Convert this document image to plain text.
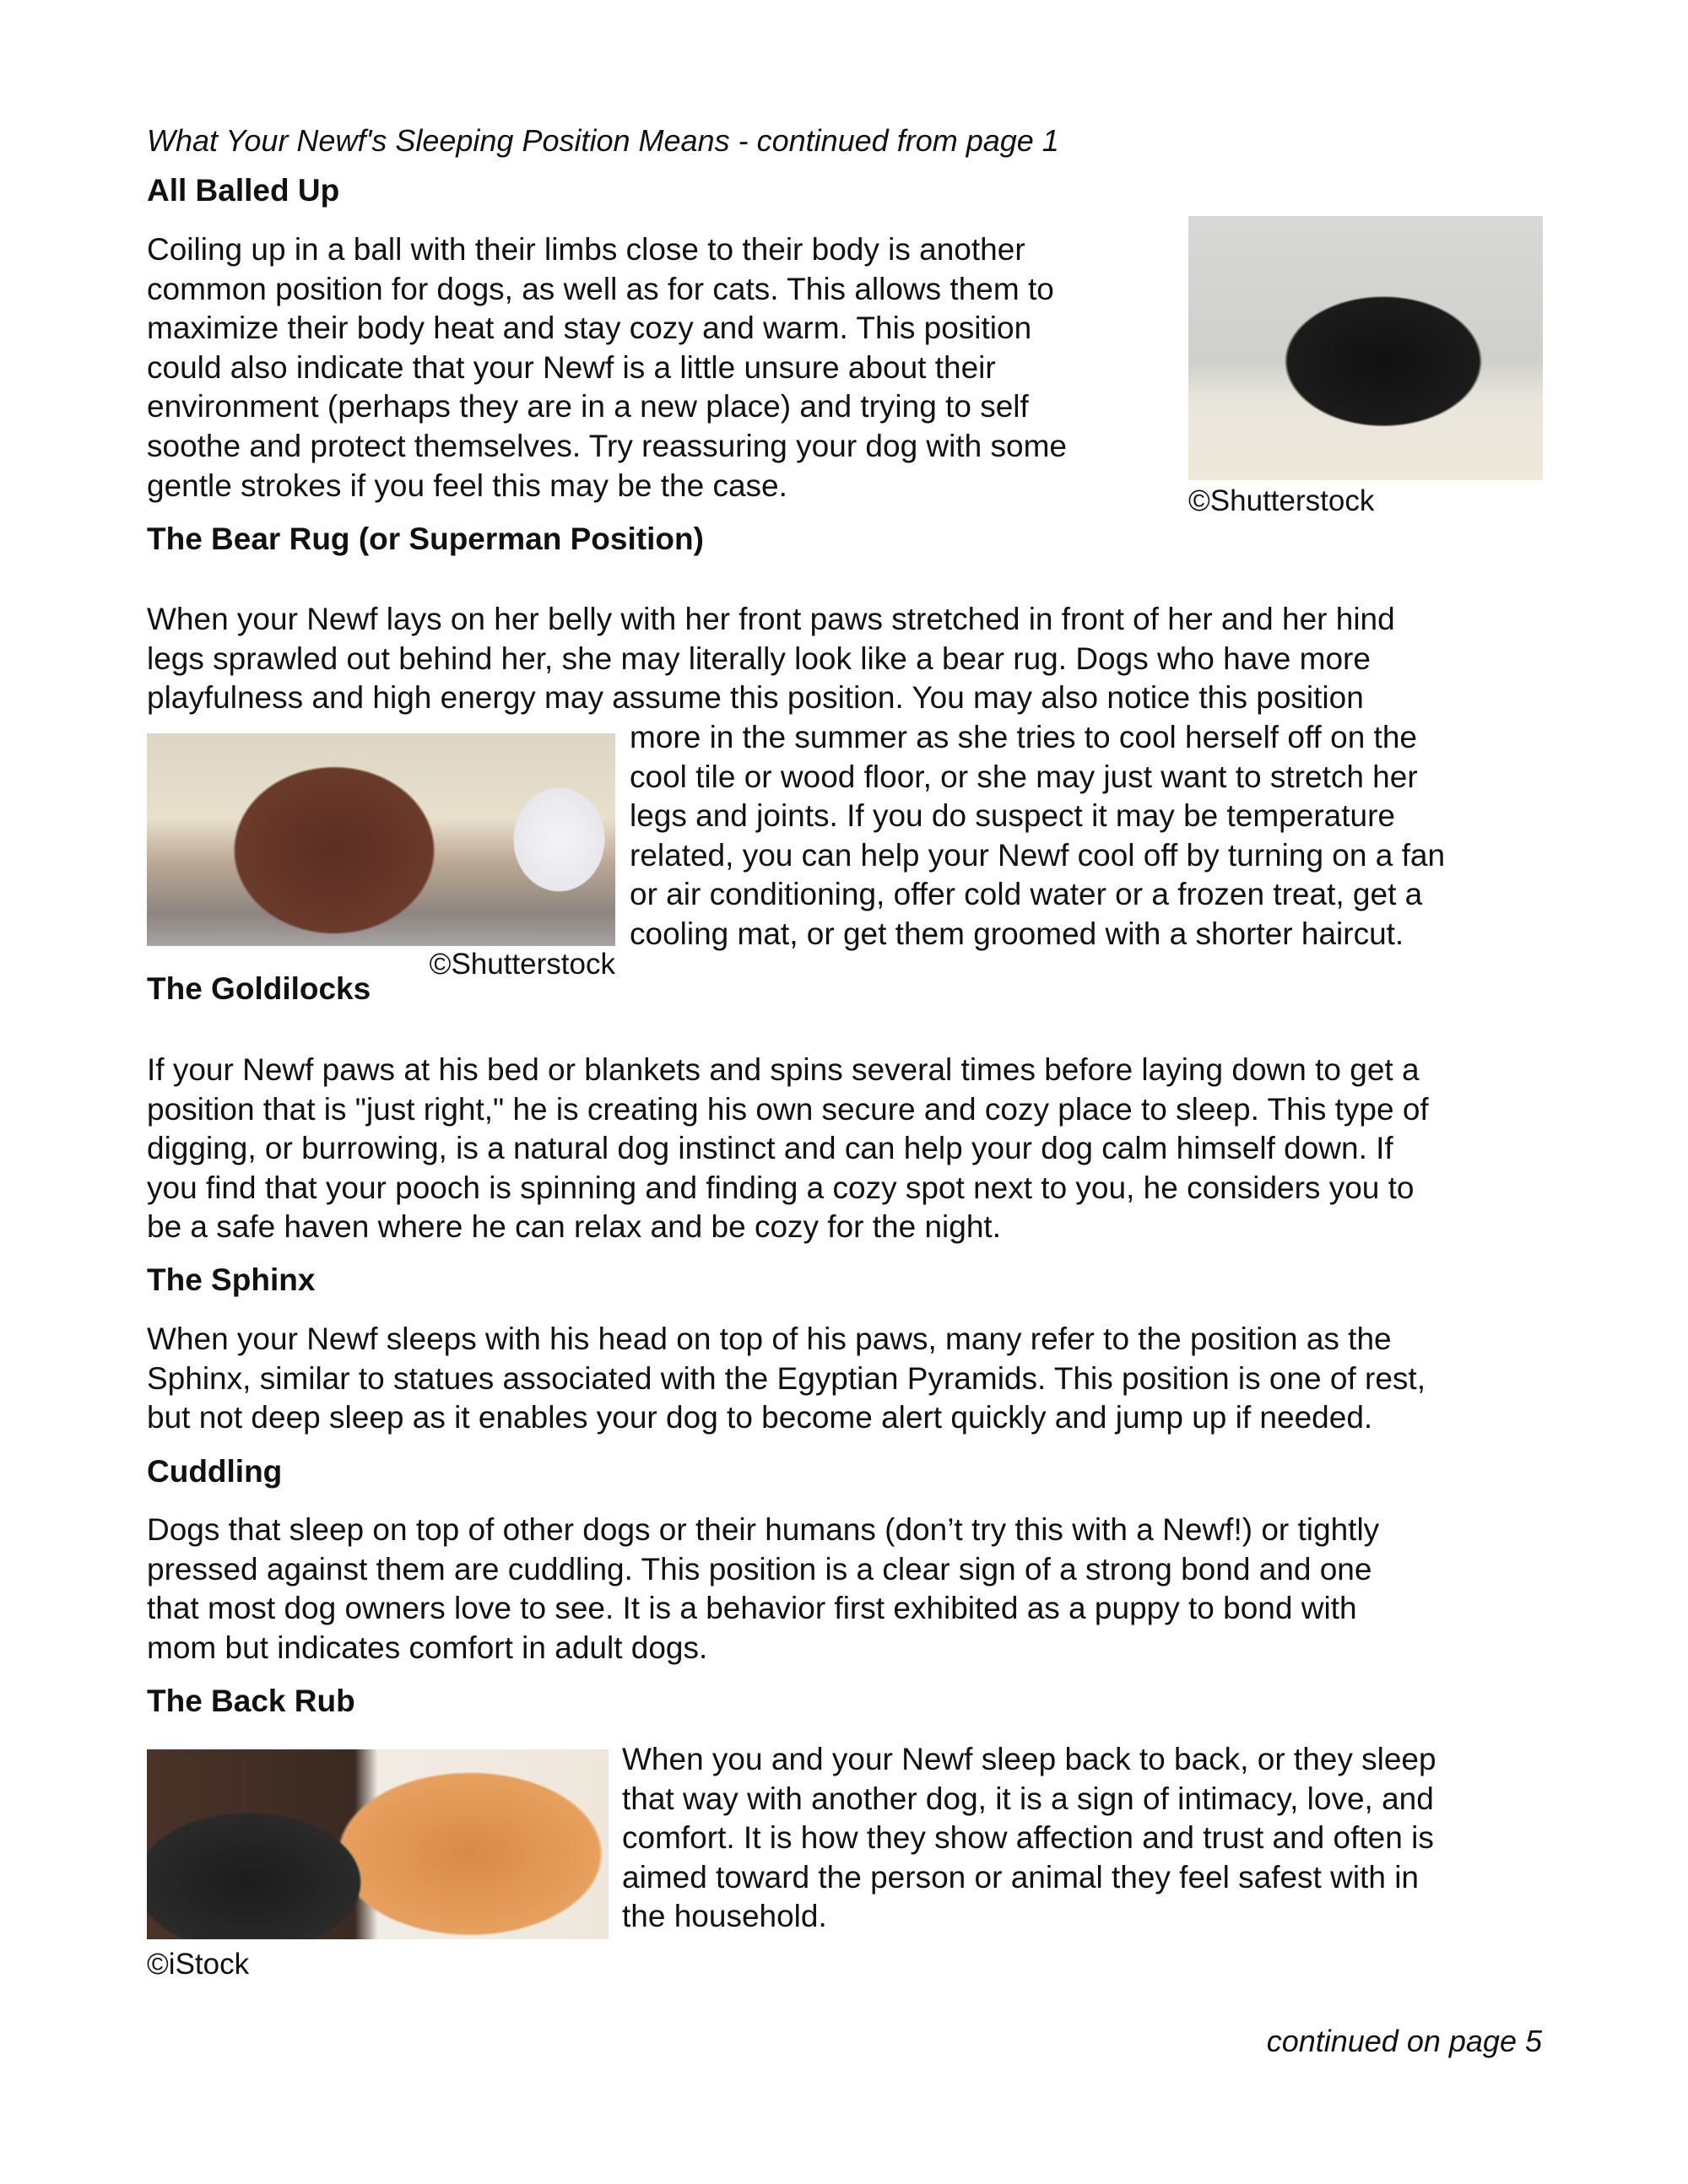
What Your Newf's Sleeping Position Means - continued from page 1
All Balled Up
Coiling up in a ball with their limbs close to their body is another
common position for dogs, as well as for cats. This allows them to
maximize their body heat and stay cozy and warm. This position
could also indicate that your Newf is a little unsure about their
environment (perhaps they are in a new place) and trying to self
soothe and protect themselves. Try reassuring your dog with some
gentle strokes if you feel this may be the case.	©Shutterstock
The Bear Rug (or Superman Position)
When your Newf lays on her belly with her front paws stretched in front of her and her hind
legs sprawled out behind her, she may literally look like a bear rug. Dogs who have more
playfulness and high energy may assume this position. You may also notice this position
more in the summer as she tries to cool herself off on the
cool tile or wood floor, or she may just want to stretch her
legs and joints. If you do suspect it may be temperature
related, you can help your Newf cool off by turning on a fan
or air conditioning, offer cold water or a frozen treat, get a
cooling mat, or get them groomed with a shorter haircut.
©Shutterstock
The Goldilocks
If your Newf paws at his bed or blankets and spins several times before laying down to get a
position that is "just right," he is creating his own secure and cozy place to sleep. This type of
digging, or burrowing, is a natural dog instinct and can help your dog calm himself down. If
you find that your pooch is spinning and finding a cozy spot next to you, he considers you to
be a safe haven where he can relax and be cozy for the night.
The Sphinx
When your Newf sleeps with his head on top of his paws, many refer to the position as the
Sphinx, similar to statues associated with the Egyptian Pyramids. This position is one of rest,
but not deep sleep as it enables your dog to become alert quickly and jump up if needed.
Cuddling
Dogs that sleep on top of other dogs or their humans (don’t try this with a Newf!) or tightly
pressed against them are cuddling. This position is a clear sign of a strong bond and one
that most dog owners love to see. It is a behavior first exhibited as a puppy to bond with
mom but indicates comfort in adult dogs.
The Back Rub
When you and your Newf sleep back to back, or they sleep
that way with another dog, it is a sign of intimacy, love, and
comfort. It is how they show affection and trust and often is
aimed toward the person or animal they feel safest with in
the household.
©iStock
continued on page 5
